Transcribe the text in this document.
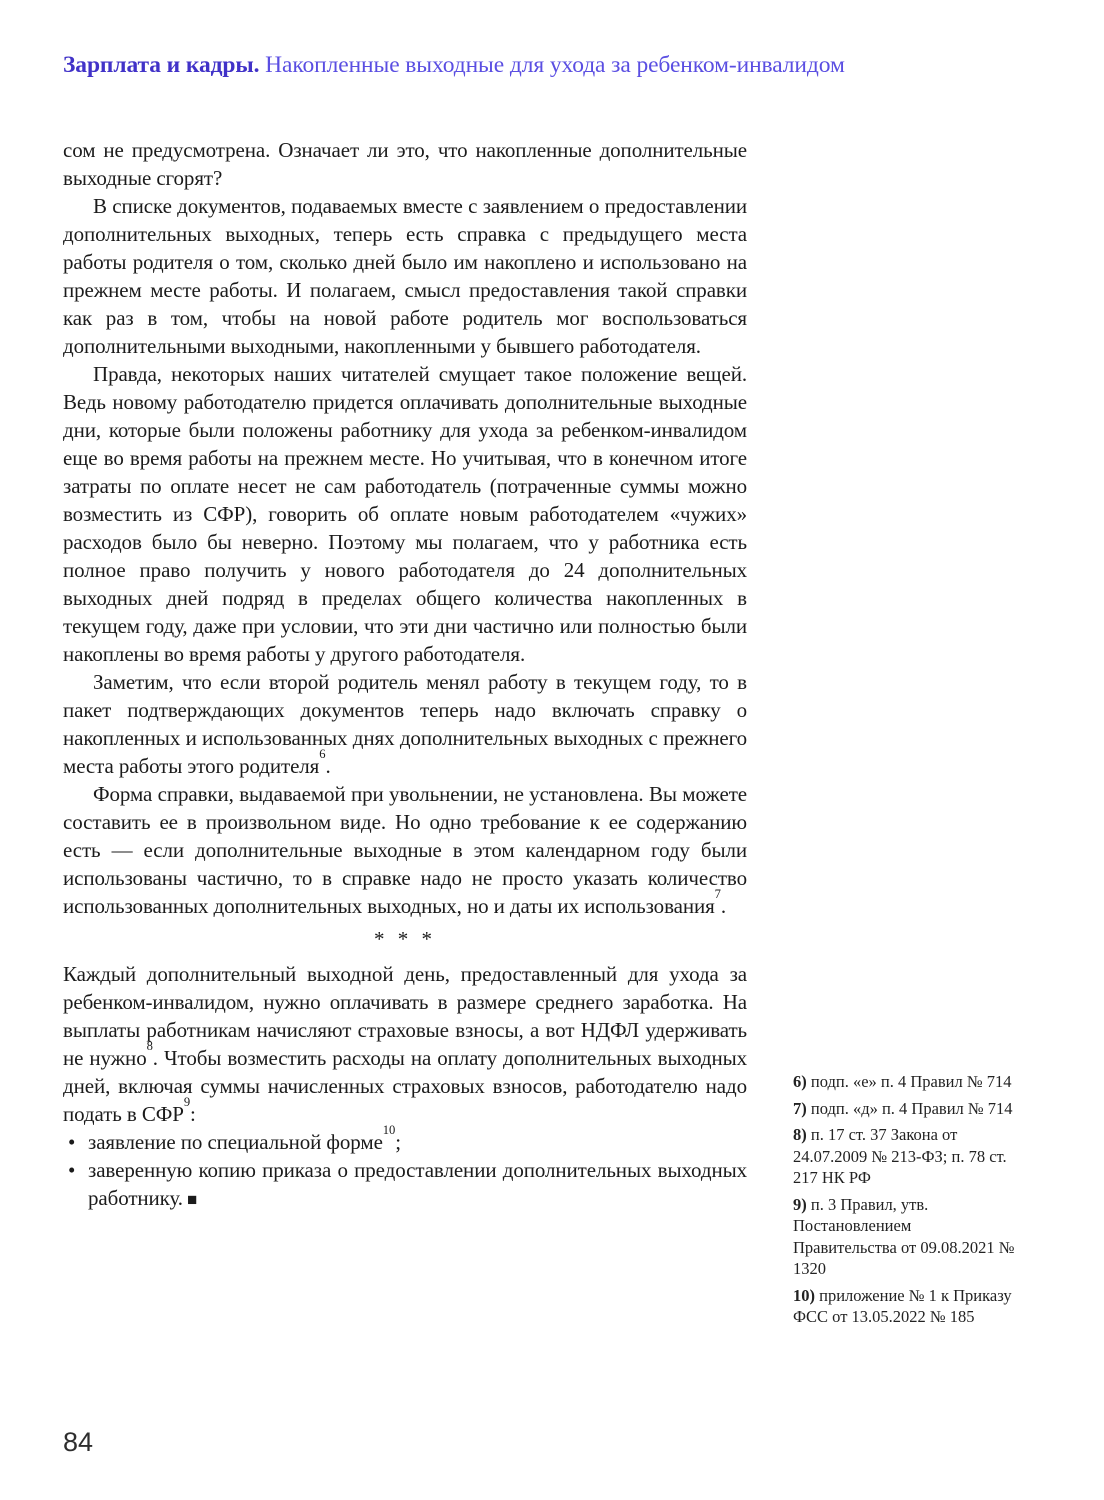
Зарплата и кадры. Накопленные выходные для ухода за ребенком-инвалидом

сом не предусмотрена. Означает ли это, что накопленные дополнительные выходные сгорят?

В списке документов, подаваемых вместе с заявлением о предоставлении дополнительных выходных, теперь есть справка с предыдущего места работы родителя о том, сколько дней было им накоплено и использовано на прежнем месте работы. И полагаем, смысл предоставления такой справки как раз в том, чтобы на новой работе родитель мог воспользоваться дополнительными выходными, накопленными у бывшего работодателя.

Правда, некоторых наших читателей смущает такое положение вещей. Ведь новому работодателю придется оплачивать дополнительные выходные дни, которые были положены работнику для ухода за ребенком-инвалидом еще во время работы на прежнем месте. Но учитывая, что в конечном итоге затраты по оплате несет не сам работодатель (потраченные суммы можно возместить из СФР), говорить об оплате новым работодателем «чужих» расходов было бы неверно. Поэтому мы полагаем, что у работника есть полное право получить у нового работодателя до 24 дополнительных выходных дней подряд в пределах общего количества накопленных в текущем году, даже при условии, что эти дни частично или полностью были накоплены во время работы у другого работодателя.

Заметим, что если второй родитель менял работу в текущем году, то в пакет подтверждающих документов теперь надо включать справку о накопленных и использованных днях дополнительных выходных с прежнего места работы этого родителя$^6$.

Форма справки, выдаваемой при увольнении, не установлена. Вы можете составить ее в произвольном виде. Но одно требование к ее содержанию есть — если дополнительные выходные в этом календарном году были использованы частично, то в справке надо не просто указать количество использованных дополнительных выходных, но и даты их использования$^7$.

* * *

Каждый дополнительный выходной день, предоставленный для ухода за ребенком-инвалидом, нужно оплачивать в размере среднего заработка. На выплаты работникам начисляют страховые взносы, а вот НДФЛ удерживать не нужно$^8$. Чтобы возместить расходы на оплату дополнительных выходных дней, включая суммы начисленных страховых взносов, работодателю надо подать в СФР$^9$:

• заявление по специальной форме$^{10}$;
• заверенную копию приказа о предоставлении дополнительных выходных работнику. ■
6) подп. «е» п. 4 Правил № 714
7) подп. «д» п. 4 Правил № 714
8) п. 17 ст. 37 Закона от 24.07.2009 № 213-ФЗ; п. 78 ст. 217 НК РФ
9) п. 3 Правил, утв. Постановлением Правительства от 09.08.2021 № 1320
10) приложение № 1 к Приказу ФСС от 13.05.2022 № 185
84
